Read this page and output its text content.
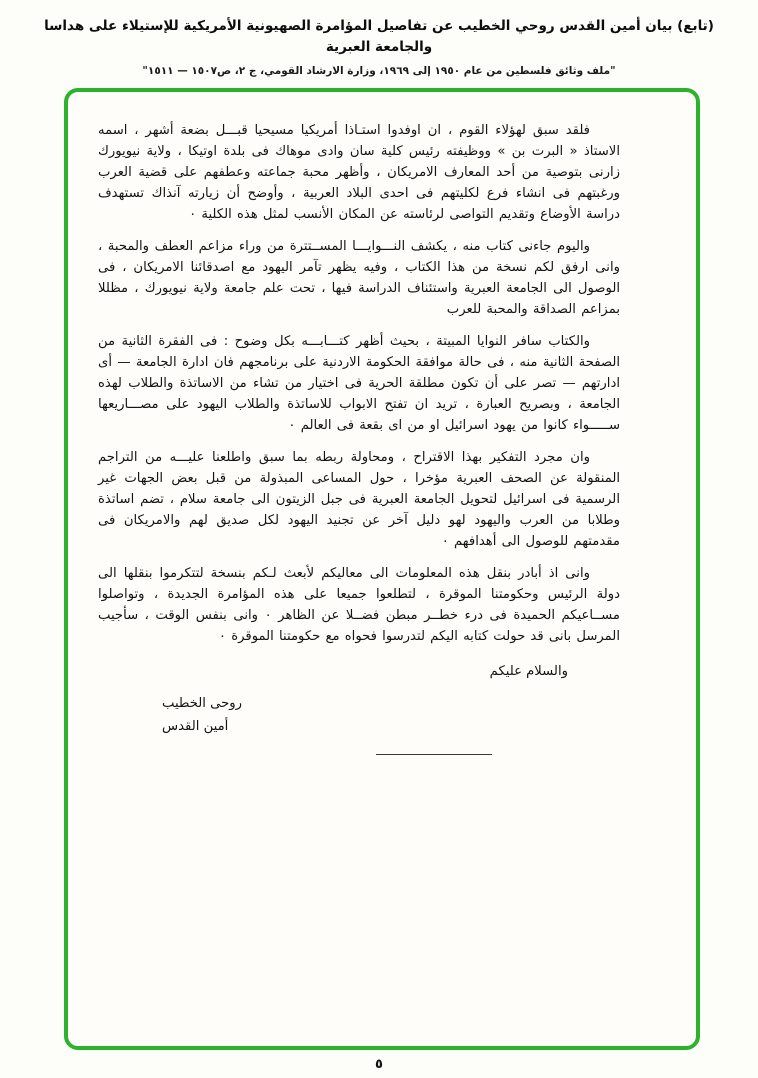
(تابع) بيان أمين القدس روحي الخطيب عن تفاصيل المؤامرة الصهيونية الأمريكية للإستيلاء على هداسا والجامعة العبرية
"ملف وثائق فلسطين من عام ١٩٥٠ إلى ١٩٦٩، وزارة الارشاد القومي، ج ٢، ص١٥٠٧ — ١٥١١"

فلقد سبق لهؤلاء القوم ، ان اوفدوا استـاذا أمريكيا مسيحيا قبـــل بضعة أشهر ، اسمه الاستاذ « البرت بن » ووظيفته رئيس كلية سان وادى موهاك فى بلدة اوتيكا ، ولاية نيويورك زارنى بتوصية من أحد المعارف الامريكان ، وأظهر محبة جماعته وعطفهم على قضية العرب ورغبتهم فى انشاء فرع لكليتهم فى احدى البلاد العربية ، وأوضح أن زيارته آنذاك تستهدف دراسة الأوضاع وتقديم التواصى لرئاسته عن المكان الأنسب لمثل هذه الكلية ٠

واليوم جاءنى كتاب منه ، يكشف النـــوايـــا المســتترة من وراء مزاعم العطف والمحبة ، وانى ارفق لكم نسخة من هذا الكتاب ، وفيه يظهر تآمر اليهود مع اصدقائنا الامريكان ، فى الوصول الى الجامعة العبرية واستئناف الدراسة فيها ، تحت علم جامعة ولاية نيويورك ، مظللا بمزاعم الصداقة والمحبة للعرب

والكتاب سافر النوايا المبيتة ، بحيث أظهر كتـــابـــه بكل وضوح : فى الفقرة الثانية من الصفحة الثانية منه ، فى حالة موافقة الحكومة الاردنية على برنامجهم فان ادارة الجامعة — أى ادارتهم — تصر على أن تكون مطلقة الحرية فى اختيار من تشاء من الاساتذة والطلاب لهذه الجامعة ، وبصريح العبارة ، تريد ان تفتح الابواب للاساتذة والطلاب اليهود على مصـــاريعها ســـــواء كانوا من يهود اسرائيل او من اى بقعة فى العالم ٠

وان مجرد التفكير بهذا الاقتراح ، ومحاولة ربطه بما سبق واطلعنا عليـــه من التراجم المنقولة عن الصحف العبرية مؤخرا ، حول المساعى المبذولة من قبل بعض الجهات غير الرسمية فى اسرائيل لتحويل الجامعة العبرية فى جبل الزيتون الى جامعة سلام ، تضم اساتذة وطلابا من العرب واليهود لهو دليل آخر عن تجنيد اليهود لكل صديق لهم والامريكان فى مقدمتهم للوصول الى أهدافهم ٠

وانى اذ أبادر بنقل هذه المعلومات الى معاليكم لأبعث لـكم بنسخة لتتكرموا بنقلها الى دولة الرئيس وحكومتنا الموقرة ، لتطلعوا جميعا على هذه المؤامرة الجديدة ، وتواصلوا مســاعيكم الحميدة فى درء خطــر مبطن فضــلا عن الظاهر ٠ وانى بنفس الوقت ، سأجيب المرسل بانى قد حولت كتابه اليكم لتدرسوا فحواه مع حكومتنا الموقرة ٠

والسلام عليكم
روحى الخطيب
أمين القدس
٥
